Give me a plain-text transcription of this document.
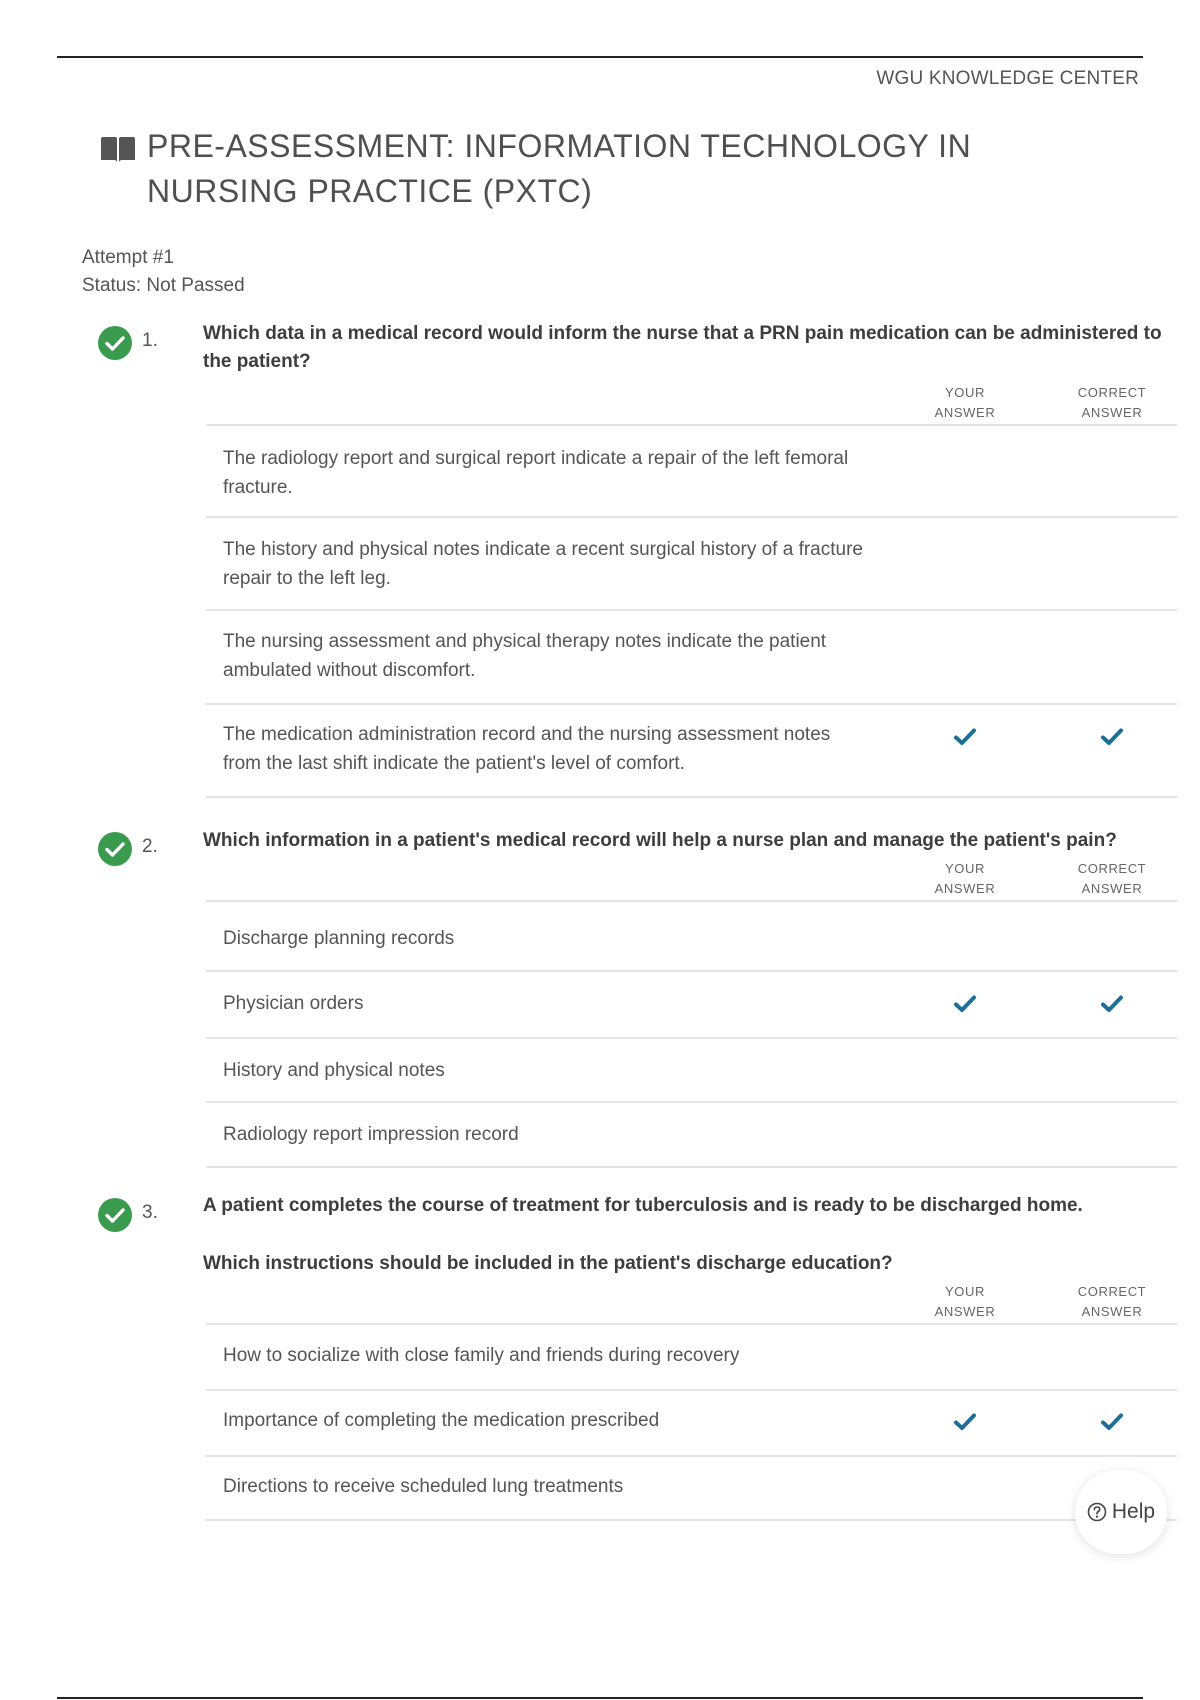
WGU KNOWLEDGE CENTER
PRE-ASSESSMENT: INFORMATION TECHNOLOGY IN NURSING PRACTICE (PXTC)
Attempt #1
Status: Not Passed
1. Which data in a medical record would inform the nurse that a PRN pain medication can be administered to the patient?

YOUR
ANSWER
CORRECT
ANSWER
The radiology report and surgical report indicate a repair of the left femoral fracture.
The history and physical notes indicate a recent surgical history of a fracture repair to the left leg.
The nursing assessment and physical therapy notes indicate the patient ambulated without discomfort.
The medication administration record and the nursing assessment notes from the last shift indicate the patient's level of comfort.
2. Which information in a patient's medical record will help a nurse plan and manage the patient's pain?

YOUR
ANSWER
CORRECT
ANSWER
Discharge planning records
Physician orders
History and physical notes
Radiology report impression record
3. A patient completes the course of treatment for tuberculosis and is ready to be discharged home.

Which instructions should be included in the patient's discharge education?

YOUR
ANSWER
CORRECT
ANSWER
How to socialize with close family and friends during recovery
Importance of completing the medication prescribed
Directions to receive scheduled lung treatments
Help
